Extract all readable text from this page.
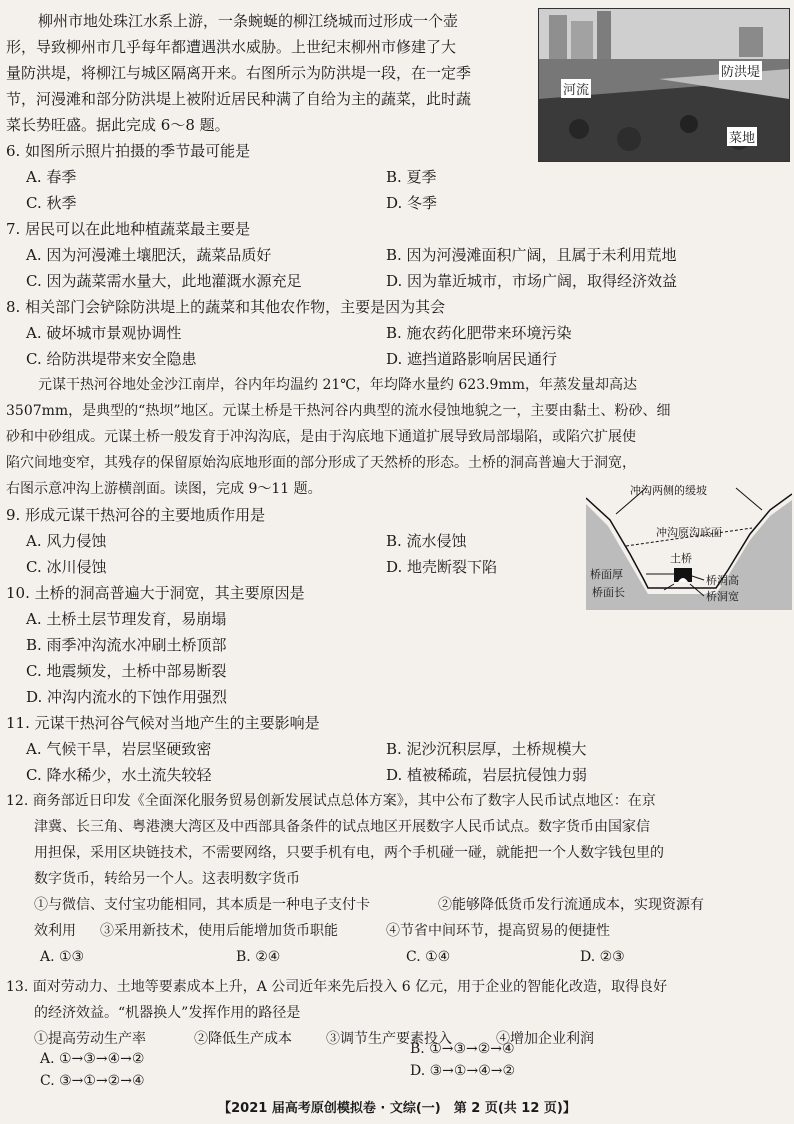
柳州市地处珠江水系上游，一条蜿蜒的柳江绕城而过形成一个壶

形，导致柳州市几乎每年都遭遇洪水威胁。上世纪末柳州市修建了大

量防洪堤，将柳江与城区隔离开来。右图所示为防洪堤一段，在一定季

节，河漫滩和部分防洪堤上被附近居民种满了自给为主的蔬菜，此时蔬

菜长势旺盛。据此完成 6～8 题。

河流
防洪堤
菜地
6. 如图所示照片拍摄的季节最可能是
A. 春季	B. 夏季
C. 秋季	D. 冬季
7. 居民可以在此地种植蔬菜最主要是
A. 因为河漫滩土壤肥沃，蔬菜品质好	B. 因为河漫滩面积广阔，且属于未利用荒地
C. 因为蔬菜需水量大，此地灌溉水源充足	D. 因为靠近城市，市场广阔，取得经济效益
8. 相关部门会铲除防洪堤上的蔬菜和其他农作物，主要是因为其会
A. 破坏城市景观协调性	B. 施农药化肥带来环境污染
C. 给防洪堤带来安全隐患	D. 遮挡道路影响居民通行

元谋干热河谷地处金沙江南岸，谷内年均温约 21℃，年均降水量约 623.9mm，年蒸发量却高达

3507mm，是典型的“热坝”地区。元谋土桥是干热河谷内典型的流水侵蚀地貌之一，主要由黏土、粉砂、细

砂和中砂组成。元谋土桥一般发育于冲沟沟底，是由于沟底地下通道扩展导致局部塌陷，或陷穴扩展使

陷穴间地变窄，其残存的保留原始沟底地形面的部分形成了天然桥的形态。土桥的洞高普遍大于洞宽，

右图示意冲沟上游横剖面。读图，完成 9～11 题。	冲沟两侧的缓坡
冲沟原沟底面
土桥
桥面厚
桥面长
桥洞高
桥洞宽
9. 形成元谋干热河谷的主要地质作用是
A. 风力侵蚀	B. 流水侵蚀
C. 冰川侵蚀	D. 地壳断裂下陷
10. 土桥的洞高普遍大于洞宽，其主要原因是
A. 土桥土层节理发育，易崩塌
B. 雨季冲沟流水冲刷土桥顶部
C. 地震频发，土桥中部易断裂
D. 冲沟内流水的下蚀作用强烈
11. 元谋干热河谷气候对当地产生的主要影响是
A. 气候干旱，岩层坚硬致密	B. 泥沙沉积层厚，土桥规模大
C. 降水稀少，水土流失较轻	D. 植被稀疏，岩层抗侵蚀力弱
12. 商务部近日印发《全面深化服务贸易创新发展试点总体方案》，其中公布了数字人民币试点地区：在京
津冀、长三角、粤港澳大湾区及中西部具备条件的试点地区开展数字人民币试点。数字货币由国家信
用担保，采用区块链技术，不需要网络，只要手机有电，两个手机碰一碰，就能把一个人数字钱包里的
数字货币，转给另一个人。这表明数字货币
①与微信、支付宝功能相同，其本质是一种电子支付卡	②能够降低货币发行流通成本，实现资源有
效利用 ③采用新技术，使用后能增加货币职能	④节省中间环节，提高贸易的便捷性
A. ①③	B. ②④	C. ①④	D. ②③
13. 面对劳动力、土地等要素成本上升，A 公司近年来先后投入 6 亿元，用于企业的智能化改造，取得良好
的经济效益。“机器换人”发挥作用的路径是
①提高劳动生产率	②降低生产成本 ③调节生产要素投入	④增加企业利润
A. ①→③→④→②
B. ①→③→②→④
C. ③→①→②→④
D. ③→①→④→②
【2021 届高考原创模拟卷 · 文综(一)　第 2 页(共 12 页)】
